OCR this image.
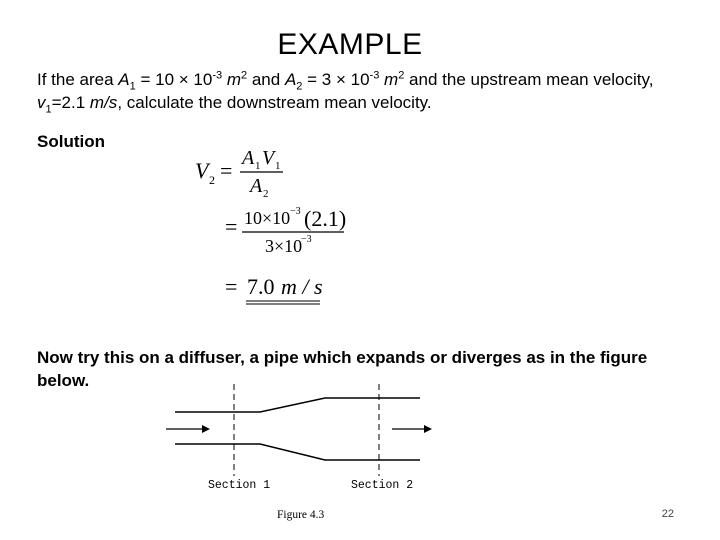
EXAMPLE
If the area $A_1 = 10 \times 10^{-3}$ $m^2$ and $A_2 = 3 \times 10^{-3}$ $m^2$ and the upstream mean velocity, $v_1=2.1$ m/s, calculate the downstream mean velocity.
Solution
V 2 = A 1 V 1
A 2
= 10×10 −3 (2.1)
3×10
−3
= 7.0 m / s
Now try this on a diffuser, a pipe which expands or diverges as in the figure below.
Section 1	Section 2
Figure 4.3	22
